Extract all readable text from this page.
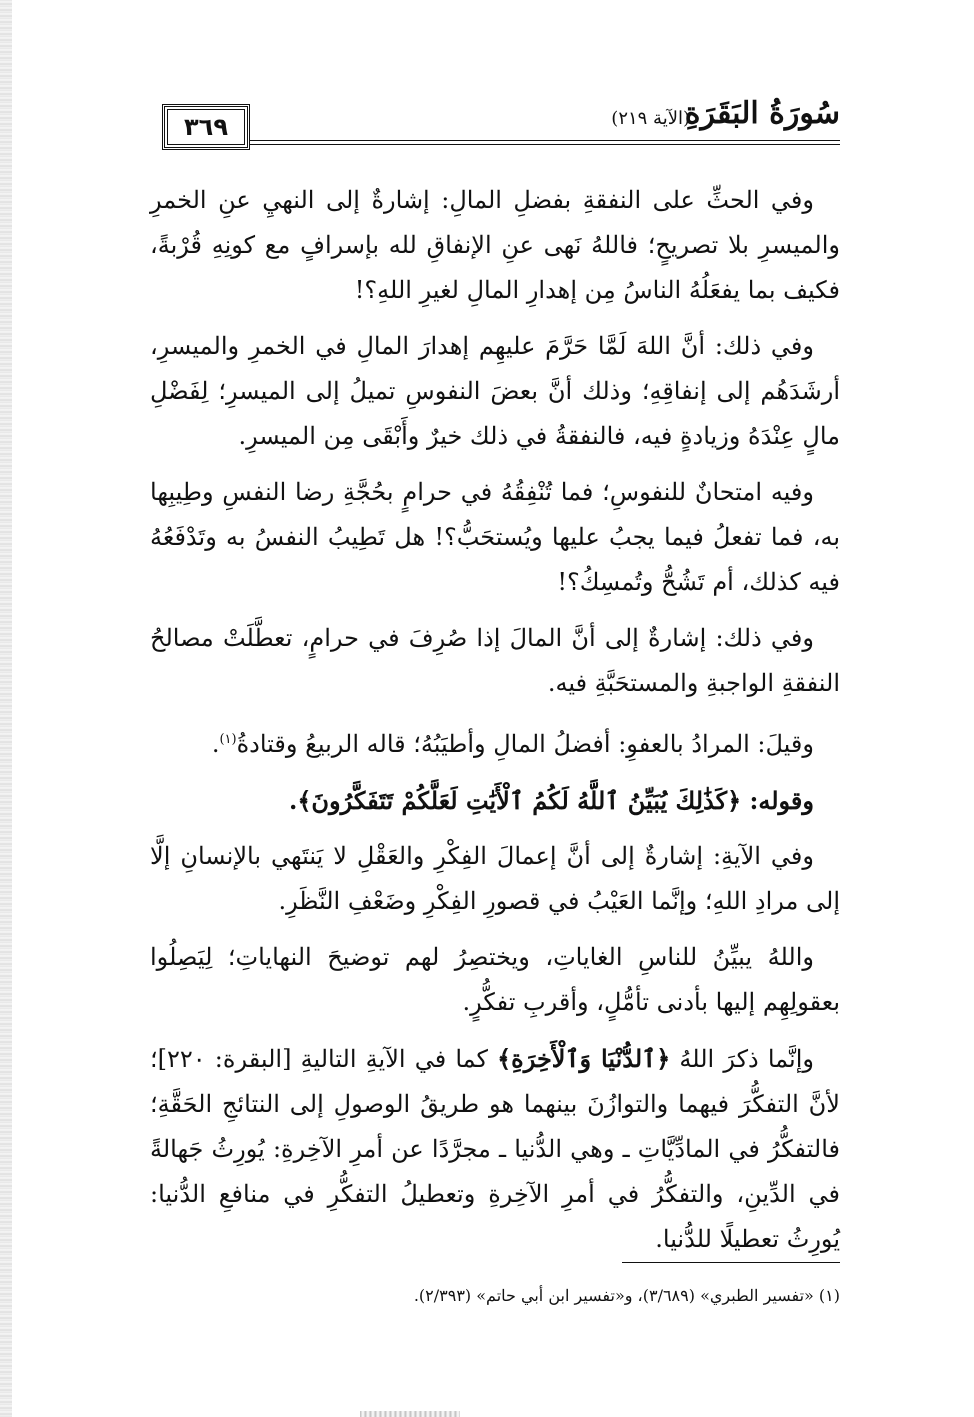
سُورَةُ البَقَرَةِ
(الآية ٢١٩)
٣٦٩

وفي الحثِّ على النفقةِ بفضلِ المالِ: إشارةٌ إلى النهيِ عنِ الخمرِ والميسرِ بلا تصريحٍ؛ فاللهُ نَهى عنِ الإنفاقِ لله بإسرافٍ مع كونِهِ قُرْبةً، فكيف بما يفعَلُهُ الناسُ مِن إهدارِ المالِ لغيرِ اللهِ؟!

وفي ذلك: أنَّ اللهَ لَمَّا حَرَّمَ عليهِم إهدارَ المالِ في الخمرِ والميسرِ، أرشَدَهُم إلى إنفاقِهِ؛ وذلك أنَّ بعضَ النفوسِ تميلُ إلى الميسرِ؛ لِفَضْلِ مالٍ عِنْدَهُ وزيادةٍ فيه، فالنفقةُ في ذلك خيرٌ وأَبْقَى مِن الميسرِ.

وفيه امتحانٌ للنفوسِ؛ فما تُنْفِقُهُ في حرامٍ بحُجَّةِ رضا النفسِ وطِيبِها به، فما تفعلُ فيما يجبُ عليها ويُستحَبُّ؟! هل تَطِيبُ النفسُ به وتَدْفَعُهُ فيه كذلك، أم تَشُحُّ وتُمسِكُ؟!

وفي ذلك: إشارةٌ إلى أنَّ المالَ إذا صُرِفَ في حرامٍ، تعطَّلَتْ مصالحُ النفقةِ الواجبةِ والمستحَبَّةِ فيه.

وقيلَ: المرادُ بالعفوِ: أفضلُ المالِ وأطيَبُهُ؛ قاله الربيعُ وقتادةُ$^{(١)}$.

وقوله: ﴿كَذَٰلِكَ يُبَيِّنُ ٱللَّهُ لَكُمُ ٱلْأَيَٰتِ لَعَلَّكُمْ تَتَفَكَّرُونَ﴾.

وفي الآيةِ: إشارةٌ إلى أنَّ إعمالَ الفِكْرِ والعَقْلِ لا يَنتَهي بالإنسانِ إلَّا إلى مرادِ اللهِ؛ وإنَّما العَيْبُ في قصورِ الفِكْرِ وضَعْفِ النَّظَرِ.

واللهُ يبيِّنُ للناسِ الغاياتِ، ويختصِرُ لهم توضيحَ النهاياتِ؛ لِيَصِلُوا بعقولِهِم إليها بأدنى تأمُّلٍ، وأقربِ تفكُّرٍ.

وإنَّما ذكرَ اللهُ ﴿ٱلدُّنْيَا وَٱلْأَخِرَةِ﴾ كما في الآيةِ التاليةِ [البقرة: ٢٢٠]؛ لأنَّ التفكُّرَ فيهما والتوازُنَ بينهما هو طريقُ الوصولِ إلى النتائجِ الحَقَّةِ؛ فالتفكُّرُ في المادِّيَّاتِ ـ وهي الدُّنيا ـ مجرَّدًا عن أمرِ الآخِرةِ: يُورِثُ جَهالةً في الدِّينِ، والتفكُّرُ في أمرِ الآخِرةِ وتعطيلُ التفكُّرِ في منافعِ الدُّنيا: يُورِثُ تعطيلًا للدُّنيا.

(١) «تفسير الطبري» (٣/٦٨٩)، و«تفسير ابن أبي حاتم» (٢/٣٩٣).
